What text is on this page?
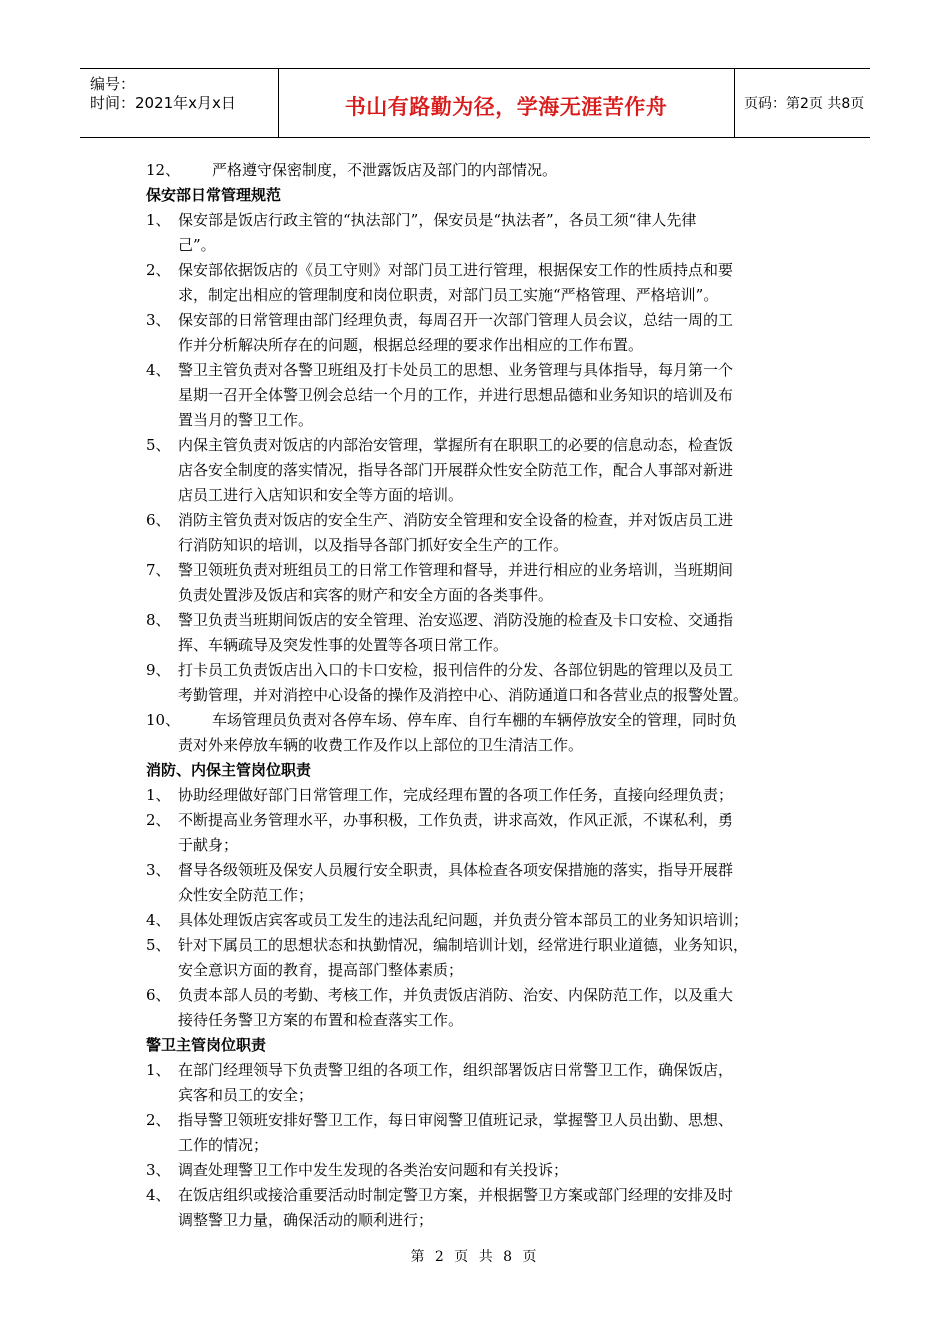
编号：
时间：2021年x月x日	书山有路勤为径，学海无涯苦作舟	页码：第2页 共8页
12、	严格遵守保密制度，不泄露饭店及部门的内部情况。
保安部日常管理规范
1、 保安部是饭店行政主管的“执法部门”，保安员是“执法者”，各员工须“律人先律
己”。
2、 保安部依据饭店的《员工守则》对部门员工进行管理，根据保安工作的性质持点和要
求，制定出相应的管理制度和岗位职责，对部门员工实施“严格管理、严格培训”。
3、 保安部的日常管理由部门经理负责，每周召开一次部门管理人员会议，总结一周的工
作并分析解决所存在的问题，根据总经理的要求作出相应的工作布置。
4、 警卫主管负责对各警卫班组及打卡处员工的思想、业务管理与具体指导，每月第一个
星期一召开全体警卫例会总结一个月的工作，并进行思想品德和业务知识的培训及布
置当月的警卫工作。
5、 内保主管负责对饭店的内部治安管理，掌握所有在职职工的必要的信息动态，检查饭
店各安全制度的落实情况，指导各部门开展群众性安全防范工作，配合人事部对新进
店员工进行入店知识和安全等方面的培训。
6、 消防主管负责对饭店的安全生产、消防安全管理和安全设备的检查，并对饭店员工进
行消防知识的培训，以及指导各部门抓好安全生产的工作。
7、 警卫领班负责对班组员工的日常工作管理和督导，并进行相应的业务培训，当班期间
负责处置涉及饭店和宾客的财产和安全方面的各类事件。
8、 警卫负责当班期间饭店的安全管理、治安巡逻、消防没施的检查及卡口安检、交通指
挥、车辆疏导及突发性事的处置等各项日常工作。
9、 打卡员工负责饭店出入口的卡口安检，报刊信件的分发、各部位钥匙的管理以及员工
考勤管理，并对消控中心设备的操作及消控中心、消防通道口和各营业点的报警处置。
10、	车场管理员负责对各停车场、停车库、自行车棚的车辆停放安全的管理，同时负
责对外来停放车辆的收费工作及作以上部位的卫生清洁工作。
消防、内保主管岗位职责
1、 协助经理做好部门日常管理工作，完成经理布置的各项工作任务，直接向经理负责；
2、 不断提高业务管理水平，办事积极，工作负责，讲求高效，作风正派，不谋私利，勇
于献身；
3、 督导各级领班及保安人员履行安全职责，具体检查各项安保措施的落实，指导开展群
众性安全防范工作；
4、 具体处理饭店宾客或员工发生的违法乱纪问题，并负责分管本部员工的业务知识培训；
5、 针对下属员工的思想状态和执勤情况，编制培训计划，经常进行职业道德，业务知识，
安全意识方面的教育，提高部门整体素质；
6、 负责本部人员的考勤、考核工作，并负责饭店消防、治安、内保防范工作，以及重大
接待任务警卫方案的布置和检查落实工作。
警卫主管岗位职责
1、 在部门经理领导下负责警卫组的各项工作，组织部署饭店日常警卫工作，确保饭店，
宾客和员工的安全；
2、 指导警卫领班安排好警卫工作，每日审阅警卫值班记录，掌握警卫人员出勤、思想、
工作的情况；
3、 调查处理警卫工作中发生发现的各类治安问题和有关投诉；
4、 在饭店组织或接洽重要活动时制定警卫方案，并根据警卫方案或部门经理的安排及时
调整警卫力量，确保活动的顺利进行；
第 2 页 共 8 页
